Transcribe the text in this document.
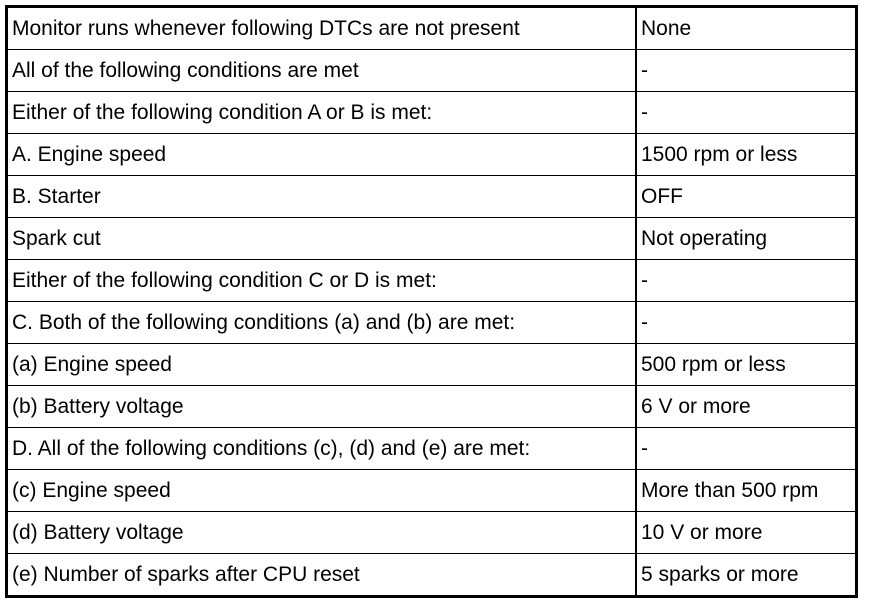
Monitor runs whenever following DTCs are not present	None
All of the following conditions are met	-
Either of the following condition A or B is met:	-
A. Engine speed	1500 rpm or less
B. Starter	OFF
Spark cut	Not operating
Either of the following condition C or D is met:	-
C. Both of the following conditions (a) and (b) are met:	-
(a) Engine speed	500 rpm or less
(b) Battery voltage	6 V or more
D. All of the following conditions (c), (d) and (e) are met:	-
(c) Engine speed	More than 500 rpm
(d) Battery voltage	10 V or more
(e) Number of sparks after CPU reset	5 sparks or more
